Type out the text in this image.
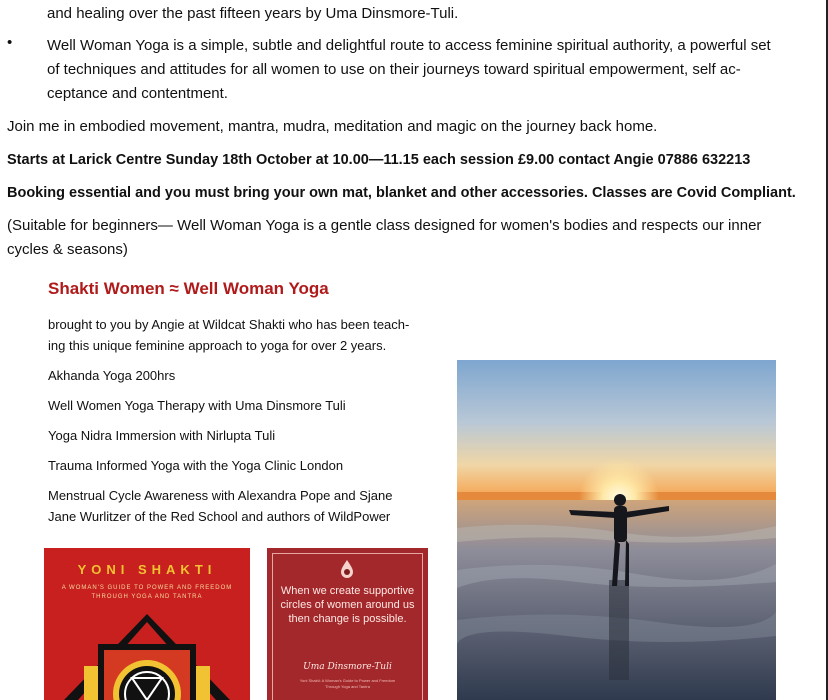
and healing over the past fifteen years by Uma Dinsmore-Tuli.
• Well Woman Yoga is a simple, subtle and delightful route to access feminine spiritual authority, a powerful set
of techniques and attitudes for all women to use on their journeys toward spiritual empowerment, self ac-
ceptance and contentment.
Join me in embodied movement, mantra, mudra, meditation and magic on the journey back home.
Starts at Larick Centre Sunday 18th October at 10.00—11.15 each session £9.00 contact Angie 07886 632213
Booking essential and you must bring your own mat, blanket and other accessories. Classes are Covid Compliant.
(Suitable for beginners— Well Woman Yoga is a gentle class designed for women's bodies and respects our inner
cycles & seasons)
Shakti Women ≈ Well Woman Yoga
brought to you by Angie at Wildcat Shakti who has been teach-
ing this unique feminine approach to yoga for over 2 years.
Akhanda Yoga 200hrs
Well Women Yoga Therapy with Uma Dinsmore Tuli
Yoga Nidra Immersion with Nirlupta Tuli
Trauma Informed Yoga with the Yoga Clinic London
Menstrual Cycle Awareness with Alexandra Pope and Sjane
Jane Wurlitzer of the Red School and authors of WildPower
YONI SHAKTI
A WOMAN'S GUIDE TO POWER AND FREEDOM
THROUGH YOGA AND TANTRA	When we create supportive circles of women around us then change is possible.
Uma Dinsmore-Tuli
Yoni Shakti: A Woman's Guide to Power and Freedom
Through Yoga and Tantra
